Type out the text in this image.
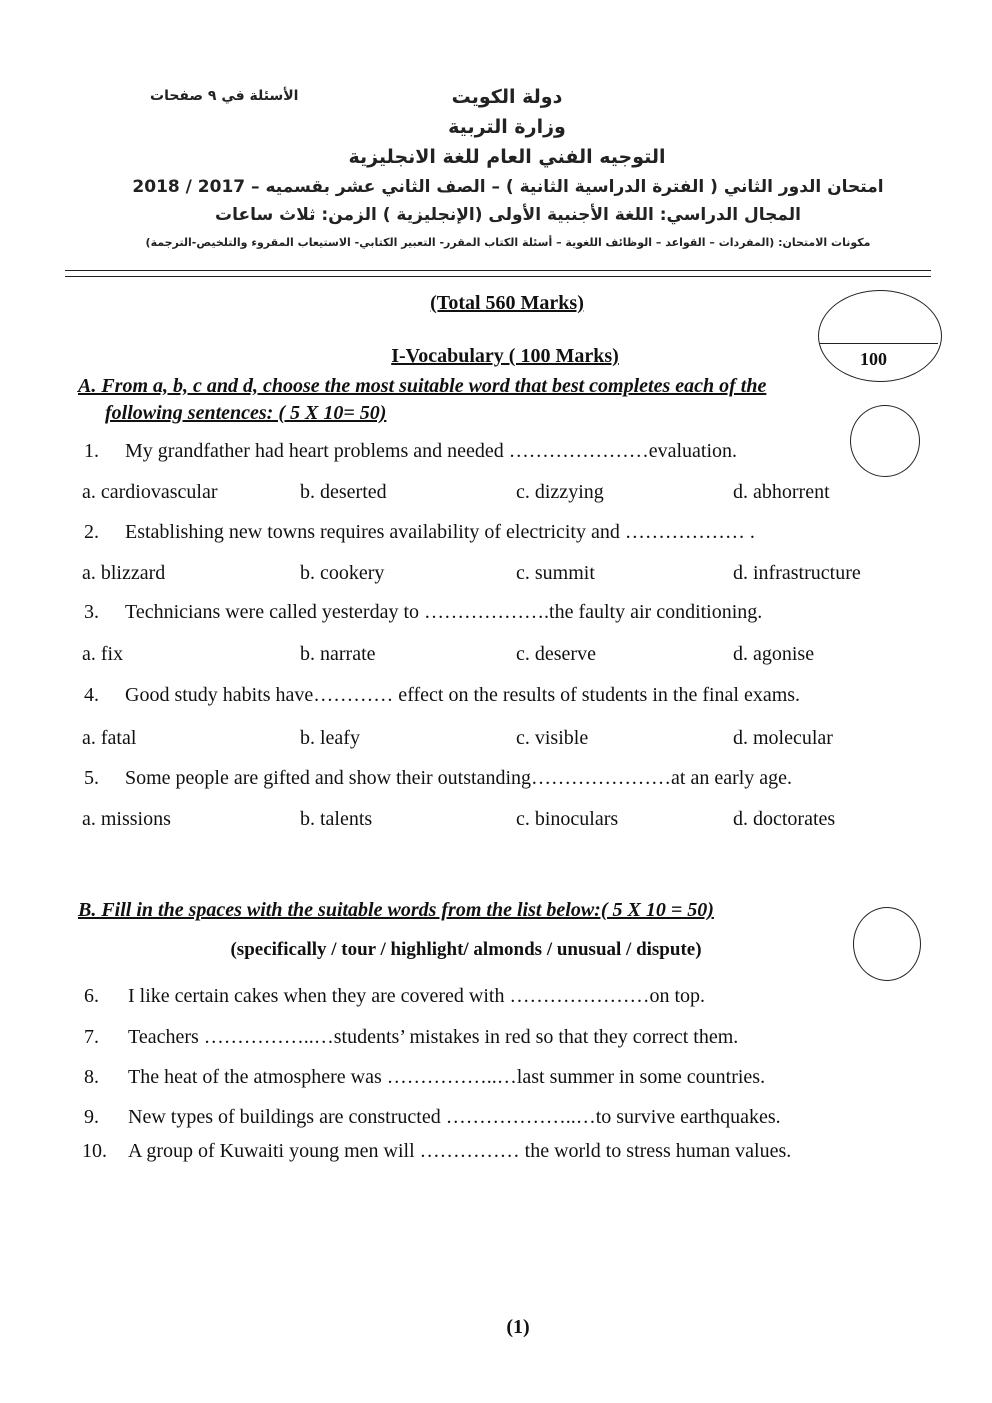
الأسئلة في ٩ صفحات	دولة الكويت
وزارة التربية
التوجيه الفني العام للغة الانجليزية
امتحان الدور الثاني ( الفترة الدراسية الثانية ) – الصف الثاني عشر بقسميه – 2017 / 2018
المجال الدراسي: اللغة الأجنبية الأولى (الإنجليزية ) الزمن: ثلاث ساعات
مكونات الامتحان: (المفردات – القواعد – الوظائف اللغوية – أسئلة الكتاب المقرر- التعبير الكتابي- الاستيعاب المقروء والتلخيص-الترجمة)
(Total 560 Marks)
100
I-Vocabulary ( 100 Marks)
A. From a, b, c and d, choose the most suitable word that best completes each of the
following sentences: ( 5 X 10= 50)
1. My grandfather had heart problems and needed …………………evaluation.
a. cardiovascular	b. deserted	c. dizzying	d. abhorrent
2. Establishing new towns requires availability of electricity and ……………… .
a. blizzard	b. cookery	c. summit	d. infrastructure
3. Technicians were called yesterday to ……………….the faulty air conditioning.
a. fix	b. narrate	c. deserve	d. agonise
4. Good study habits have………… effect on the results of students in the final exams.
a. fatal	b. leafy	c. visible	d. molecular
5. Some people are gifted and show their outstanding…………………at an early age.
a. missions	b. talents	c. binoculars	d. doctorates
B. Fill in the spaces with the suitable words from the list below:( 5 X 10 = 50)
(specifically / tour / highlight/ almonds / unusual / dispute)
6. I like certain cakes when they are covered with …………………on top.
7. Teachers ……………..…students’ mistakes in red so that they correct them.
8. The heat of the atmosphere was ……………..…last summer in some countries.
9. New types of buildings are constructed ………………..…to survive earthquakes.
10. A group of Kuwaiti young men will …………… the world to stress human values.
(1)
